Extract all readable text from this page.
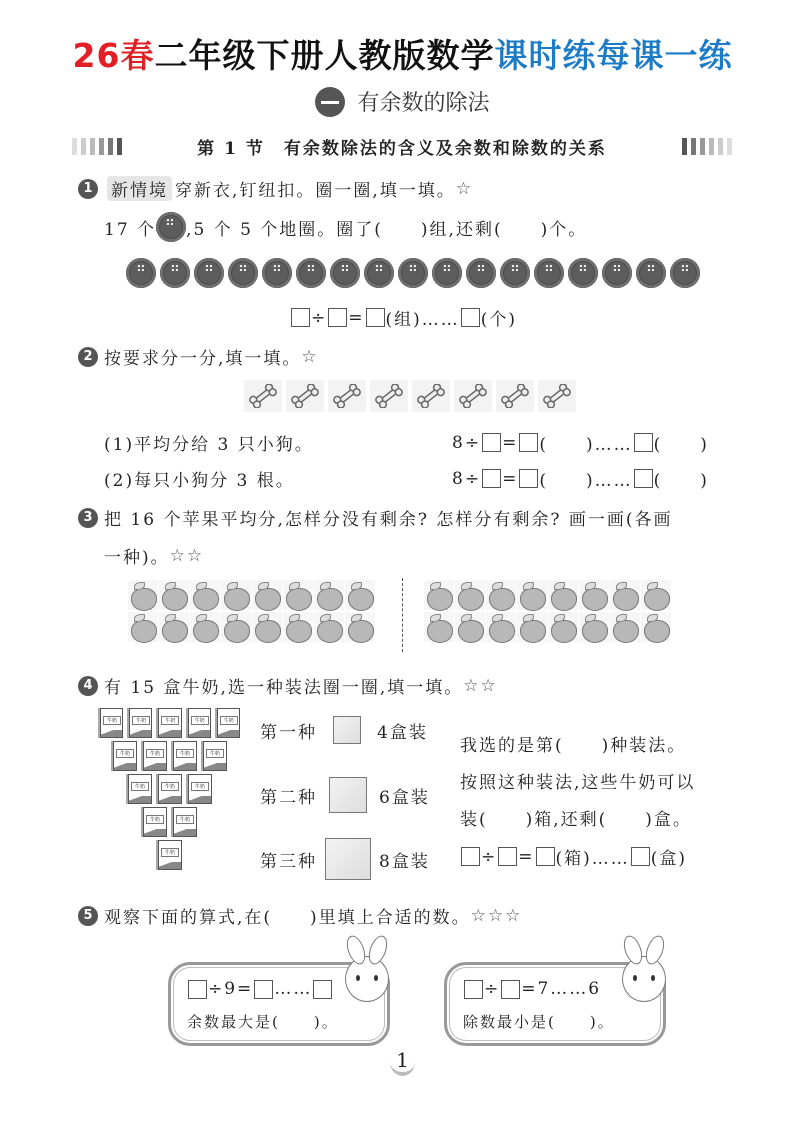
26春二年级下册人教版数学课时练每课一练
有余数的除法
第 1 节　有余数除法的含义及余数和除数的关系
1	新情境 穿新衣,钉纽扣。圈一圈,填一填。 ☆
17 个 ⠛ ,5 个 5 个地圈。圈了(　　)组,还剩(　　)个。
⠛
⠛
⠛
⠛
⠛
⠛
⠛
⠛
⠛
⠛
⠛
⠛
⠛
⠛
⠛
⠛
⠛
÷ = (组)…… (个)
2 按要求分一分,填一填。 ☆
(1)平均分给 3 只小狗。	8÷ = (　　)…… (　　)
(2)每只小狗分 3 根。	8÷ = (　　)…… (　　)
3 把 16 个苹果平均分,怎样分没有剩余? 怎样分有剩余? 画一画(各画
一种)。 ☆☆
4 有 15 盒牛奶,选一种装法圈一圈,填一填。 ☆☆
牛奶
牛奶
牛奶
牛奶
牛奶
牛奶
牛奶
牛奶
牛奶
牛奶
牛奶
牛奶
牛奶
牛奶
牛奶
第一种	4盒装
第二种	6盒装
第三种	8盒装
我选的是第(　　)种装法。
按照这种装法,这些牛奶可以
装(　　)箱,还剩(　　)盒。
÷ = (箱)…… (盒)
5 观察下面的算式,在(　　)里填上合适的数。 ☆☆☆
÷9= ……
余数最大是(　　)。
÷ =7……6
除数最小是(　　)。
1
